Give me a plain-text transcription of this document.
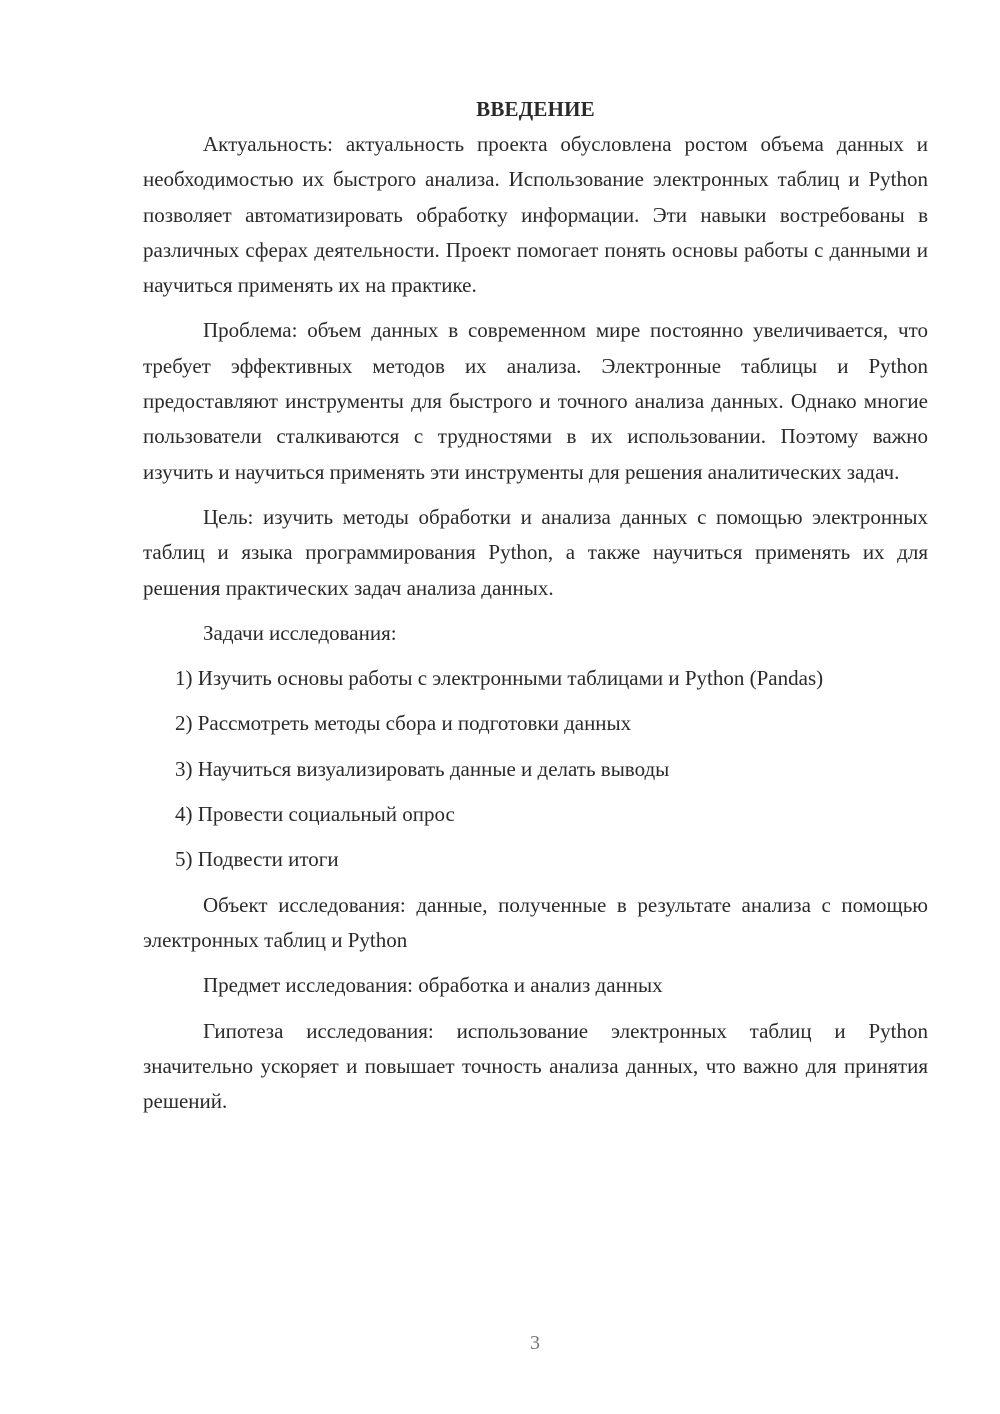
ВВЕДЕНИЕ

Актуальность: актуальность проекта обусловлена ростом объема данных и необходимостью их быстрого анализа. Использование электронных таблиц и Python позволяет автоматизировать обработку информации. Эти навыки востребованы в различных сферах деятельности. Проект помогает понять основы работы с данными и научиться применять их на практике.

Проблема: объем данных в современном мире постоянно увеличивается, что требует эффективных методов их анализа. Электронные таблицы и Python предоставляют инструменты для быстрого и точного анализа данных. Однако многие пользователи сталкиваются с трудностями в их использовании. Поэтому важно изучить и научиться применять эти инструменты для решения аналитических задач.

Цель: изучить методы обработки и анализа данных с помощью электронных таблиц и языка программирования Python, а также научиться применять их для решения практических задач анализа данных.

Задачи исследования:

1) Изучить основы работы с электронными таблицами и Python (Pandas)

2) Рассмотреть методы сбора и подготовки данных

3) Научиться визуализировать данные и делать выводы

4) Провести социальный опрос

5) Подвести итоги

Объект исследования: данные, полученные в результате анализа с помощью электронных таблиц и Python

Предмет исследования: обработка и анализ данных

Гипотеза исследования: использование электронных таблиц и Python значительно ускоряет и повышает точность анализа данных, что важно для принятия решений.

3
